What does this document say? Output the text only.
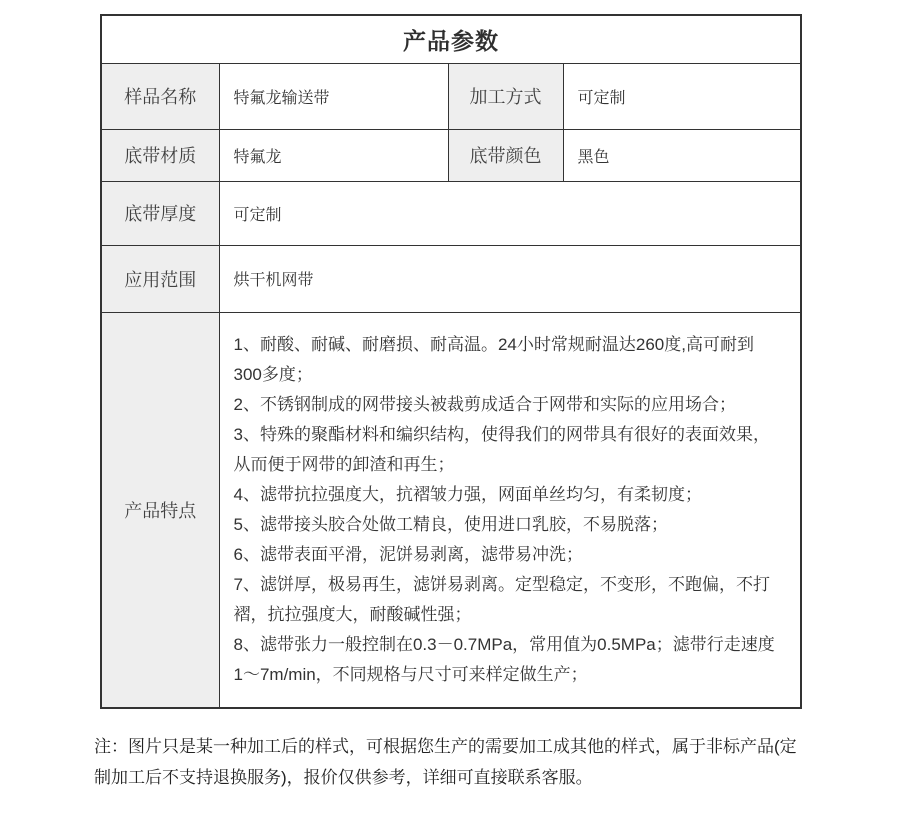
产品参数			
样品名称	特氟龙输送带	加工方式	可定制
底带材质	特氟龙	底带颜色	黑色
底带厚度	可定制		
应用范围	烘干机网带		
产品特点	
1、耐酸、耐碱、耐磨损、耐高温。24小时常规耐温达260度,高可耐到300多度；
2、不锈钢制成的网带接头被裁剪成适合于网带和实际的应用场合；
3、特殊的聚酯材料和编织结构，使得我们的网带具有很好的表面效果，从而便于网带的卸渣和再生；
4、滤带抗拉强度大，抗褶皱力强，网面单丝均匀，有柔韧度；
5、滤带接头胶合处做工精良，使用进口乳胶，不易脱落；
6、滤带表面平滑，泥饼易剥离，滤带易冲洗；
7、滤饼厚，极易再生，滤饼易剥离。定型稳定，不变形，不跑偏，不打褶，抗拉强度大，耐酸碱性强；
8、滤带张力一般控制在0.3－0.7MPa，常用值为0.5MPa；滤带行走速度1～7m/min，不同规格与尺寸可来样定做生产；
注：图片只是某一种加工后的样式，可根据您生产的需要加工成其他的样式，属于非标产品(定制加工后不支持退换服务)，报价仅供参考，详细可直接联系客服。
